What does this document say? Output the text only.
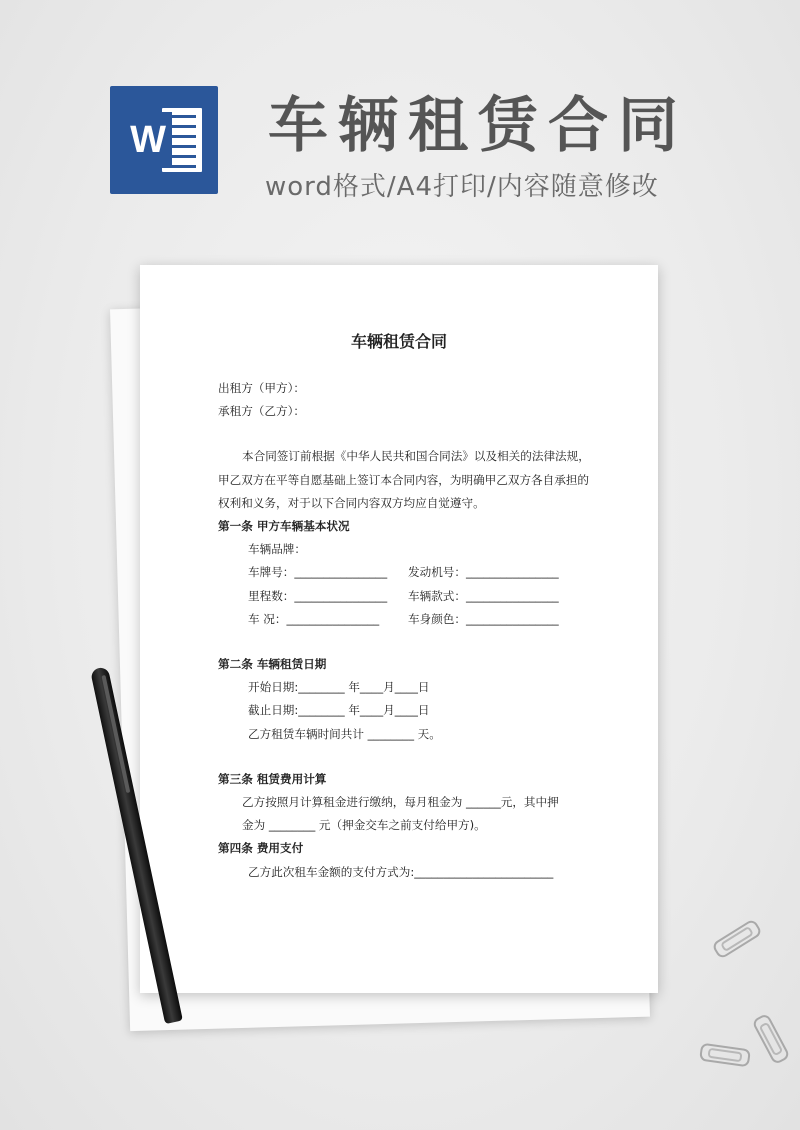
W 车辆租赁合同
word格式/A4打印/内容随意修改
车辆租赁合同

出租方（甲方）：

承租方（乙方）：

本合同签订前根据《中华人民共和国合同法》以及相关的法律法规，甲乙双方在平等自愿基础上签订本合同内容，为明确甲乙双方各自承担的权利和义务，对于以下合同内容双方均应自觉遵守。

第一条 甲方车辆基本状况

车辆品牌：

车牌号：________________	发动机号：________________
里程数：________________	车辆款式：________________
车 况：________________	车身颜色：________________

第二条 车辆租赁日期

开始日期:________ 年____月____日

截止日期:________ 年____月____日

乙方租赁车辆时间共计 ________ 天。

第三条 租赁费用计算

乙方按照月计算租金进行缴纳，每月租金为 ______元，其中押

金为 ________ 元（押金交车之前支付给甲方)。

第四条 费用支付

乙方此次租车金额的支付方式为:________________________
